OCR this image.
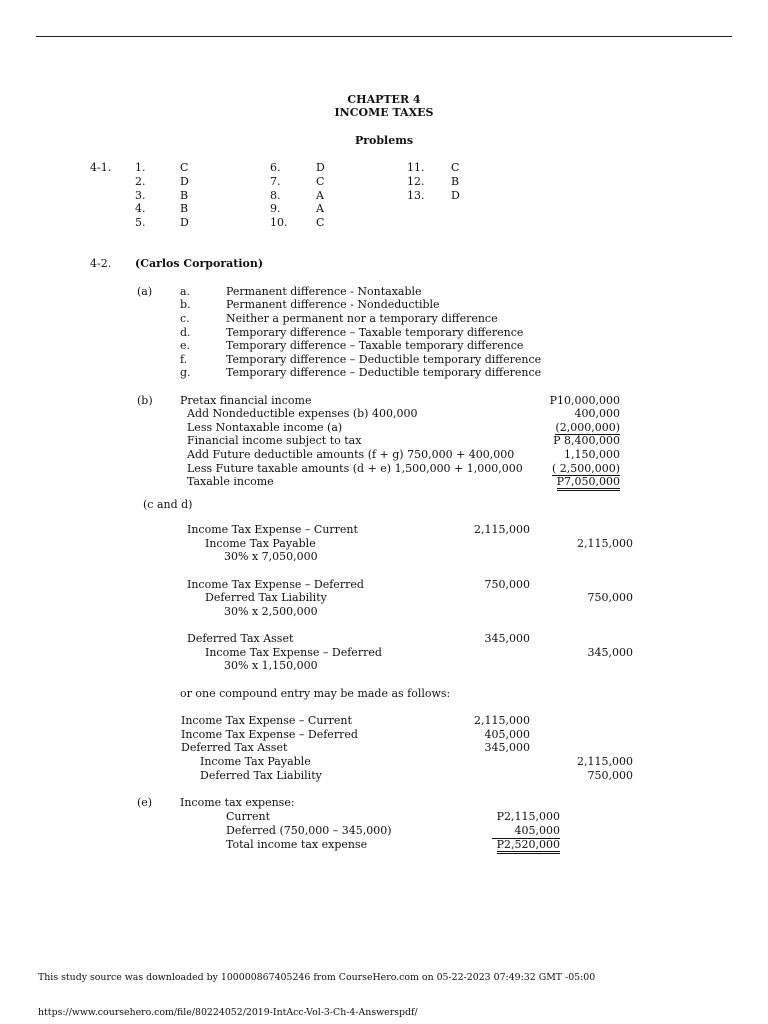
CHAPTER 4
INCOME TAXES
Problems
4-1. 1.	C
2.	D
3.	B
4.	B
5.	D
6.	D
7.	C
8.	A
9.	A
10.	C
11. C
12. B
13. D
4-2. (Carlos Corporation)
(a)	a.	Permanent difference - Nontaxable
b.	Permanent difference - Nondeductible
c.	Neither a permanent nor a temporary difference
d.	Temporary difference – Taxable temporary difference
e.	Temporary difference – Taxable temporary difference
f.	Temporary difference – Deductible temporary difference
g.	Temporary difference – Deductible temporary difference
(b) Pretax financial income	P10,000,000
Add Nondeductible expenses (b) 400,000	400,000
Less Nontaxable income (a)	(2,000,000)
Financial income subject to tax	P 8,400,000
Add Future deductible amounts (f + g) 750,000 + 400,000	1,150,000
Less Future taxable amounts (d + e) 1,500,000 + 1,000,000	( 2,500,000)
Taxable income	P7,050,000
(c and d)
Income Tax Expense – Current	2,115,000
Income Tax Payable	2,115,000
30% x 7,050,000
Income Tax Expense – Deferred	750,000
Deferred Tax Liability	750,000
30% x 2,500,000
Deferred Tax Asset	345,000
Income Tax Expense – Deferred	345,000
30% x 1,150,000
or one compound entry may be made as follows:
Income Tax Expense – Current	2,115,000
Income Tax Expense – Deferred	405,000
Deferred Tax Asset	345,000
Income Tax Payable	2,115,000
Deferred Tax Liability	750,000
(e)	Income tax expense:
Current	P2,115,000
Deferred (750,000 – 345,000)	405,000
Total income tax expense	P2,520,000
This study source was downloaded by 100000867405246 from CourseHero.com on 05-22-2023 07:49:32 GMT -05:00
https://www.coursehero.com/file/80224052/2019-IntAcc-Vol-3-Ch-4-Answerspdf/
